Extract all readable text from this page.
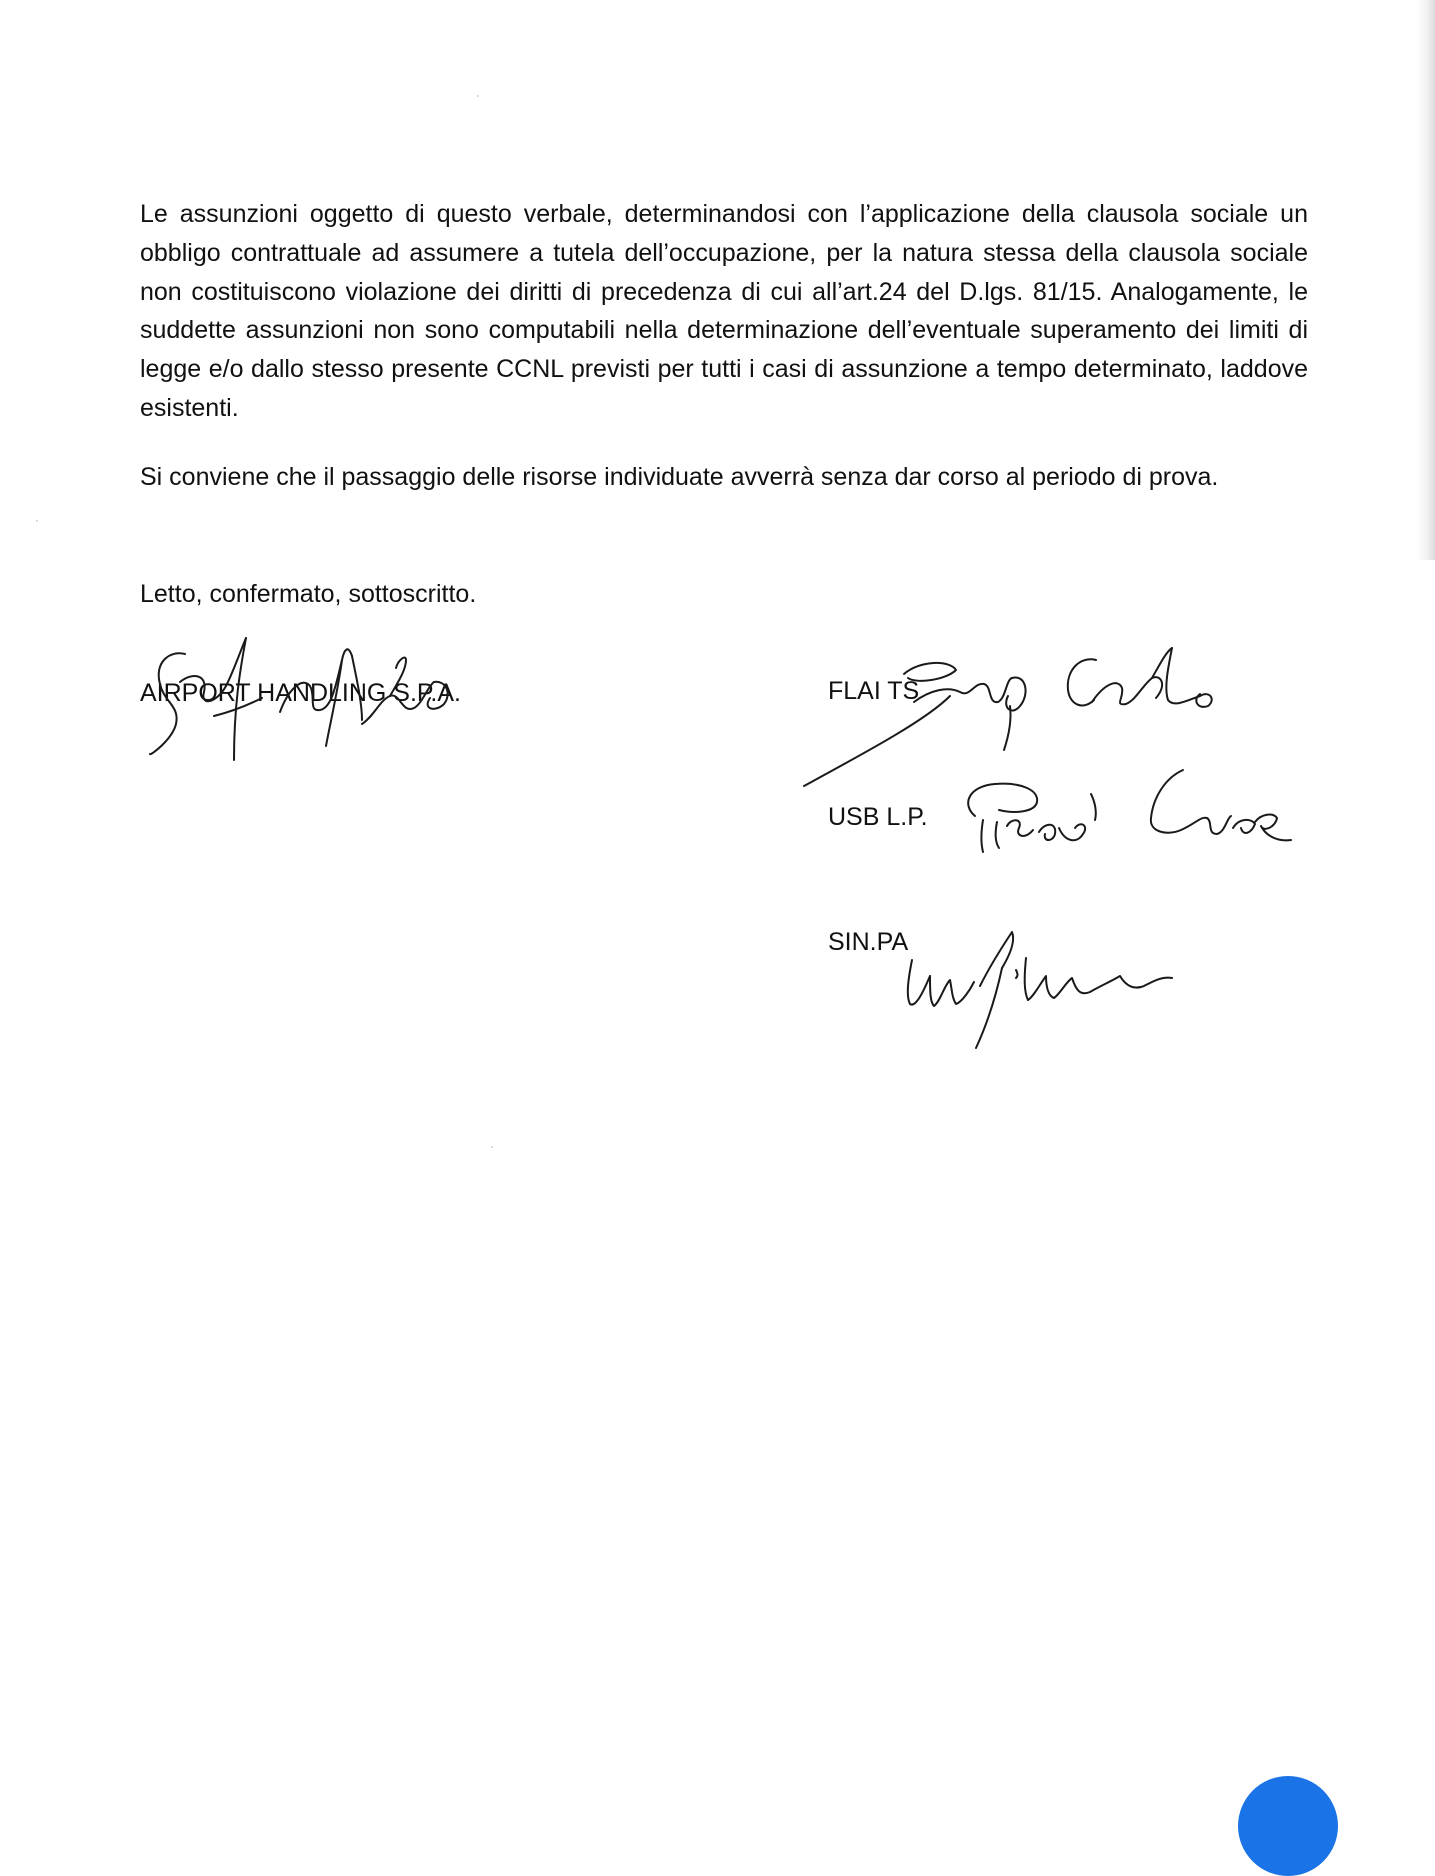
Le assunzioni oggetto di questo verbale, determinandosi con l’applicazione della clausola sociale un obbligo contrattuale ad assumere a tutela dell’occupazione, per la natura stessa della clausola sociale non costituiscono violazione dei diritti di precedenza di cui all’art.24 del D.lgs. 81/15. Analogamente, le suddette assunzioni non sono computabili nella determinazione dell’eventuale superamento dei limiti di legge e/o dallo stesso presente CCNL previsti per tutti i casi di assunzione a tempo determinato, laddove esistenti.

Si conviene che il passaggio delle risorse individuate avverrà senza dar corso al periodo di prova.

Letto, confermato, sottoscritto.

AIRPORT HANDLING S.P.A.	FLAI TS
USB L.P.
SIN.PA
